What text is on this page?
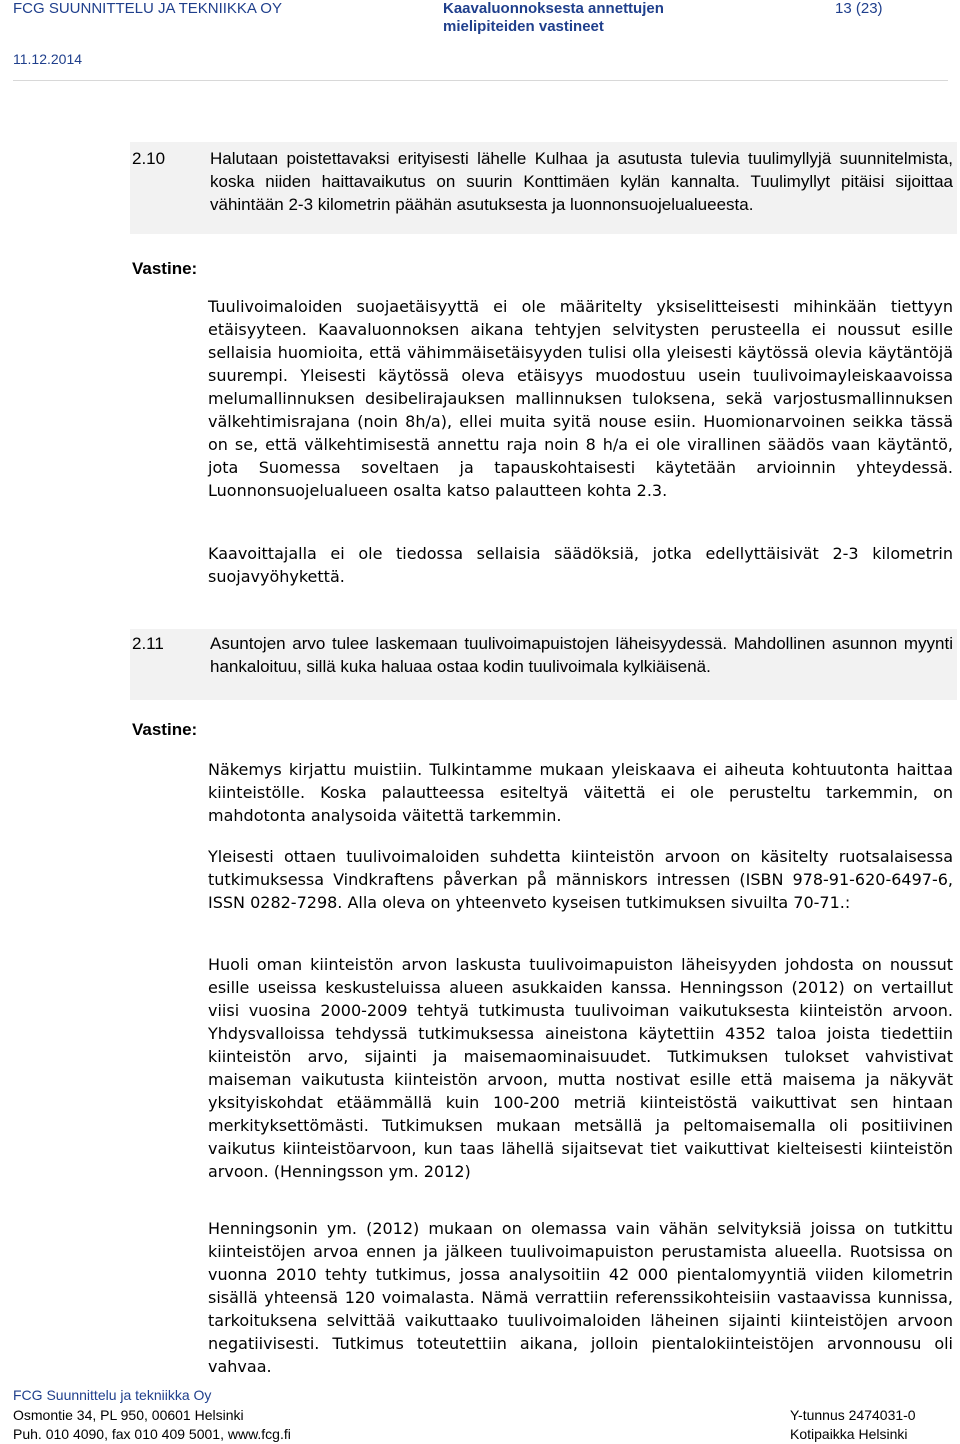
FCG SUUNNITTELU JA TEKNIIKKA OY
11.12.2014
Kaavaluonnoksesta annettujen mielipiteiden vastineet
13 (23)
2.10	Halutaan poistettavaksi erityisesti lähelle Kulhaa ja asutusta tulevia tuulimyllyjä suunnitelmista, koska niiden haittavaikutus on suurin Konttimäen kylän kannalta. Tuulimyllyt pitäisi sijoittaa vähintään 2-3 kilometrin päähän asutuksesta ja luonnonsuojelualueesta.
Vastine:
Tuulivoimaloiden suojaetäisyyttä ei ole määritelty yksiselitteisesti mihinkään tiettyyn etäisyyteen. Kaavaluonnoksen aikana tehtyjen selvitysten perusteella ei noussut esille sellaisia huomioita, että vähimmäisetäisyyden tulisi olla yleisesti käytössä olevia käytäntöjä suurempi. Yleisesti käytössä oleva etäisyys muodostuu usein tuulivoimayleiskaavoissa melumallinnuksen desibelirajauksen mallinnuksen tuloksena, sekä varjostusmallinnuksen välkehtimisrajana (noin 8h/a), ellei muita syitä nouse esiin. Huomionarvoinen seikka tässä on se, että välkehtimisestä annettu raja noin 8 h/a ei ole virallinen säädös vaan käytäntö, jota Suomessa soveltaen ja tapauskohtaisesti käytetään arvioinnin yhteydessä. Luonnonsuojelualueen osalta katso palautteen kohta 2.3.
Kaavoittajalla ei ole tiedossa sellaisia säädöksiä, jotka edellyttäisivät 2-3 kilometrin suojavyöhykettä.
2.11	Asuntojen arvo tulee laskemaan tuulivoimapuistojen läheisyydessä. Mahdollinen asunnon myynti hankaloituu, sillä kuka haluaa ostaa kodin tuulivoimala kylkiäisenä.
Vastine:
Näkemys kirjattu muistiin. Tulkintamme mukaan yleiskaava ei aiheuta kohtuutonta haittaa kiinteistölle. Koska palautteessa esiteltyä väitettä ei ole perusteltu tarkemmin, on mahdotonta analysoida väitettä tarkemmin.
Yleisesti ottaen tuulivoimaloiden suhdetta kiinteistön arvoon on käsitelty ruotsalaisessa tutkimuksessa Vindkraftens påverkan på människors intressen (ISBN 978-91-620-6497-6, ISSN 0282-7298. Alla oleva on yhteenveto kyseisen tutkimuksen sivuilta 70-71.:
Huoli oman kiinteistön arvon laskusta tuulivoimapuiston läheisyyden johdosta on noussut esille useissa keskusteluissa alueen asukkaiden kanssa. Henningsson (2012) on vertaillut viisi vuosina 2000-2009 tehtyä tutkimusta tuulivoiman vaikutuksesta kiinteistön arvoon. Yhdysvalloissa tehdyssä tutkimuksessa aineistona käytettiin 4352 taloa joista tiedettiin kiinteistön arvo, sijainti ja maisemaominaisuudet. Tutkimuksen tulokset vahvistivat maiseman vaikutusta kiinteistön arvoon, mutta nostivat esille että maisema ja näkyvät yksityiskohdat etäämmällä kuin 100-200 metriä kiinteistöstä vaikuttivat sen hintaan merkityksettömästi. Tutkimuksen mukaan metsällä ja peltomaisemalla oli positiivinen vaikutus kiinteistöarvoon, kun taas lähellä sijaitsevat tiet vaikuttivat kielteisesti kiinteistön arvoon. (Henningsson ym. 2012)
Henningsonin ym. (2012) mukaan on olemassa vain vähän selvityksiä joissa on tutkittu kiinteistöjen arvoa ennen ja jälkeen tuulivoimapuiston perustamista alueella. Ruotsissa on vuonna 2010 tehty tutkimus, jossa analysoitiin 42 000 pientalomyyntiä viiden kilometrin sisällä yhteensä 120 voimalasta. Nämä verrattiin referenssikohteisiin vastaavissa kunnissa, tarkoituksena selvittää vaikuttaako tuulivoimaloiden läheinen sijainti kiinteistöjen arvoon negatiivisesti. Tutkimus toteutettiin aikana, jolloin pientalokiinteistöjen arvonnousu oli vahvaa.
FCG Suunnittelu ja tekniikka Oy
Osmontie 34, PL 950, 00601 Helsinki
Puh. 010 4090, fax 010 409 5001, www.fcg.fi
Y-tunnus 2474031-0
Kotipaikka Helsinki
